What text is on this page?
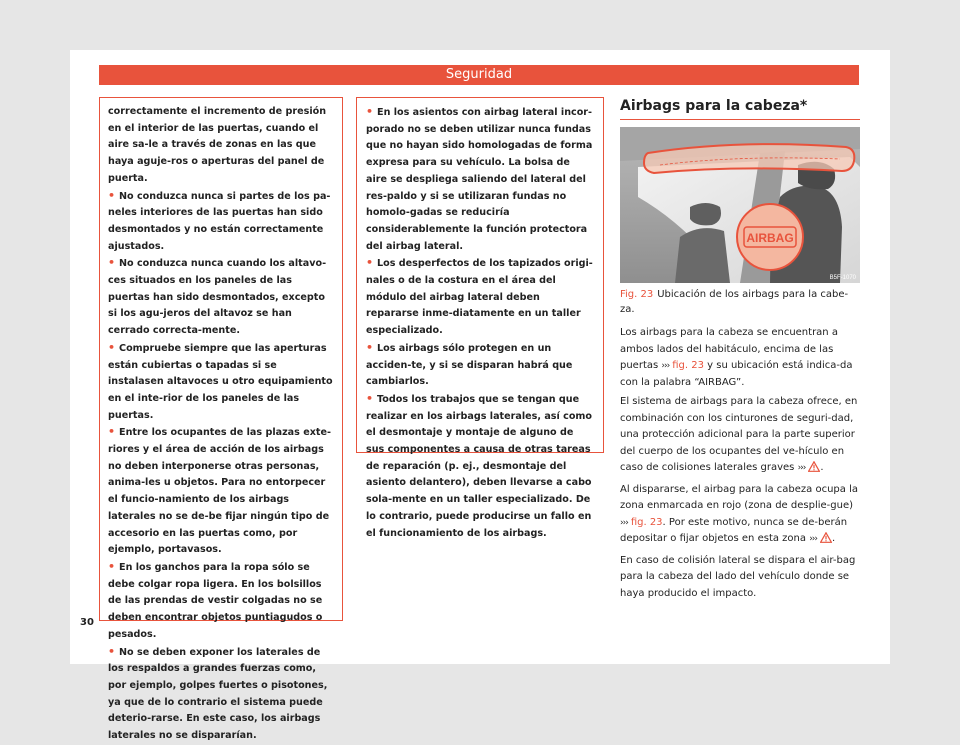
Seguridad

correctamente el incremento de presión en el interior de las puertas, cuando el aire sa-le a través de zonas en las que haya aguje-ros o aperturas del panel de puerta.

• No conduzca nunca si partes de los pa-neles interiores de las puertas han sido desmontados y no están correctamente ajustados.

• No conduzca nunca cuando los altavo-ces situados en los paneles de las puertas han sido desmontados, excepto si los agu-jeros del altavoz se han cerrado correcta-mente.

• Compruebe siempre que las aperturas están cubiertas o tapadas si se instalasen altavoces u otro equipamiento en el inte-rior de los paneles de las puertas.

• Entre los ocupantes de las plazas exte-riores y el área de acción de los airbags no deben interponerse otras personas, anima-les u objetos. Para no entorpecer el funcio-namiento de los airbags laterales no se de-be fijar ningún tipo de accesorio en las puertas como, por ejemplo, portavasos.

• En los ganchos para la ropa sólo se debe colgar ropa ligera. En los bolsillos de las prendas de vestir colgadas no se deben encontrar objetos puntiagudos o pesados.

• No se deben exponer los laterales de los respaldos a grandes fuerzas como, por ejemplo, golpes fuertes o pisotones, ya que de lo contrario el sistema puede deterio-rarse. En este caso, los airbags laterales no se dispararían.

• En los asientos con airbag lateral incor-porado no se deben utilizar nunca fundas que no hayan sido homologadas de forma expresa para su vehículo. La bolsa de aire se despliega saliendo del lateral del res-paldo y si se utilizaran fundas no homolo-gadas se reduciría considerablemente la función protectora del airbag lateral.

• Los desperfectos de los tapizados origi-nales o de la costura en el área del módulo del airbag lateral deben repararse inme-diatamente en un taller especializado.

• Los airbags sólo protegen en un acciden-te, y si se disparan habrá que cambiarlos.

• Todos los trabajos que se tengan que realizar en los airbags laterales, así como el desmontaje y montaje de alguno de sus componentes a causa de otras tareas de reparación (p. ej., desmontaje del asiento delantero), deben llevarse a cabo sola-mente en un taller especializado. De lo contrario, puede producirse un fallo en el funcionamiento de los airbags.

30
Airbags para la cabeza*
AIRBAG
B5F-1070
Fig. 23 Ubicación de los airbags para la cabe-za.

Los airbags para la cabeza se encuentran a ambos lados del habitáculo, encima de las puertas ››› fig. 23 y su ubicación está indica-da con la palabra “AIRBAG”.

El sistema de airbags para la cabeza ofrece, en combinación con los cinturones de seguri-dad, una protección adicional para la parte superior del cuerpo de los ocupantes del ve-hículo en caso de colisiones laterales graves ››› .

Al dispararse, el airbag para la cabeza ocupa la zona enmarcada en rojo (zona de desplie-gue) ››› fig. 23. Por este motivo, nunca se de-berán depositar o fijar objetos en esta zona ››› .

En caso de colisión lateral se dispara el air-bag para la cabeza del lado del vehículo donde se haya producido el impacto.
